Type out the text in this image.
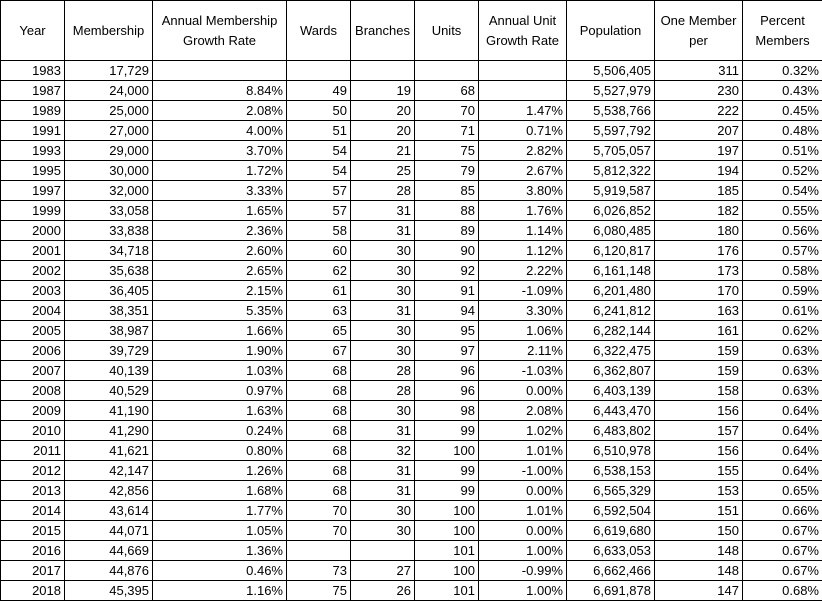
Year	Membership	Annual Membership Growth Rate	Wards	Branches	Units	Annual Unit Growth Rate	Population	One Member per	Percent Members
1983	17,729						5,506,405	311	0.32%
1987	24,000	8.84%	49	19	68		5,527,979	230	0.43%
1989	25,000	2.08%	50	20	70	1.47%	5,538,766	222	0.45%
1991	27,000	4.00%	51	20	71	0.71%	5,597,792	207	0.48%
1993	29,000	3.70%	54	21	75	2.82%	5,705,057	197	0.51%
1995	30,000	1.72%	54	25	79	2.67%	5,812,322	194	0.52%
1997	32,000	3.33%	57	28	85	3.80%	5,919,587	185	0.54%
1999	33,058	1.65%	57	31	88	1.76%	6,026,852	182	0.55%
2000	33,838	2.36%	58	31	89	1.14%	6,080,485	180	0.56%
2001	34,718	2.60%	60	30	90	1.12%	6,120,817	176	0.57%
2002	35,638	2.65%	62	30	92	2.22%	6,161,148	173	0.58%
2003	36,405	2.15%	61	30	91	-1.09%	6,201,480	170	0.59%
2004	38,351	5.35%	63	31	94	3.30%	6,241,812	163	0.61%
2005	38,987	1.66%	65	30	95	1.06%	6,282,144	161	0.62%
2006	39,729	1.90%	67	30	97	2.11%	6,322,475	159	0.63%
2007	40,139	1.03%	68	28	96	-1.03%	6,362,807	159	0.63%
2008	40,529	0.97%	68	28	96	0.00%	6,403,139	158	0.63%
2009	41,190	1.63%	68	30	98	2.08%	6,443,470	156	0.64%
2010	41,290	0.24%	68	31	99	1.02%	6,483,802	157	0.64%
2011	41,621	0.80%	68	32	100	1.01%	6,510,978	156	0.64%
2012	42,147	1.26%	68	31	99	-1.00%	6,538,153	155	0.64%
2013	42,856	1.68%	68	31	99	0.00%	6,565,329	153	0.65%
2014	43,614	1.77%	70	30	100	1.01%	6,592,504	151	0.66%
2015	44,071	1.05%	70	30	100	0.00%	6,619,680	150	0.67%
2016	44,669	1.36%			101	1.00%	6,633,053	148	0.67%
2017	44,876	0.46%	73	27	100	-0.99%	6,662,466	148	0.67%
2018	45,395	1.16%	75	26	101	1.00%	6,691,878	147	0.68%
